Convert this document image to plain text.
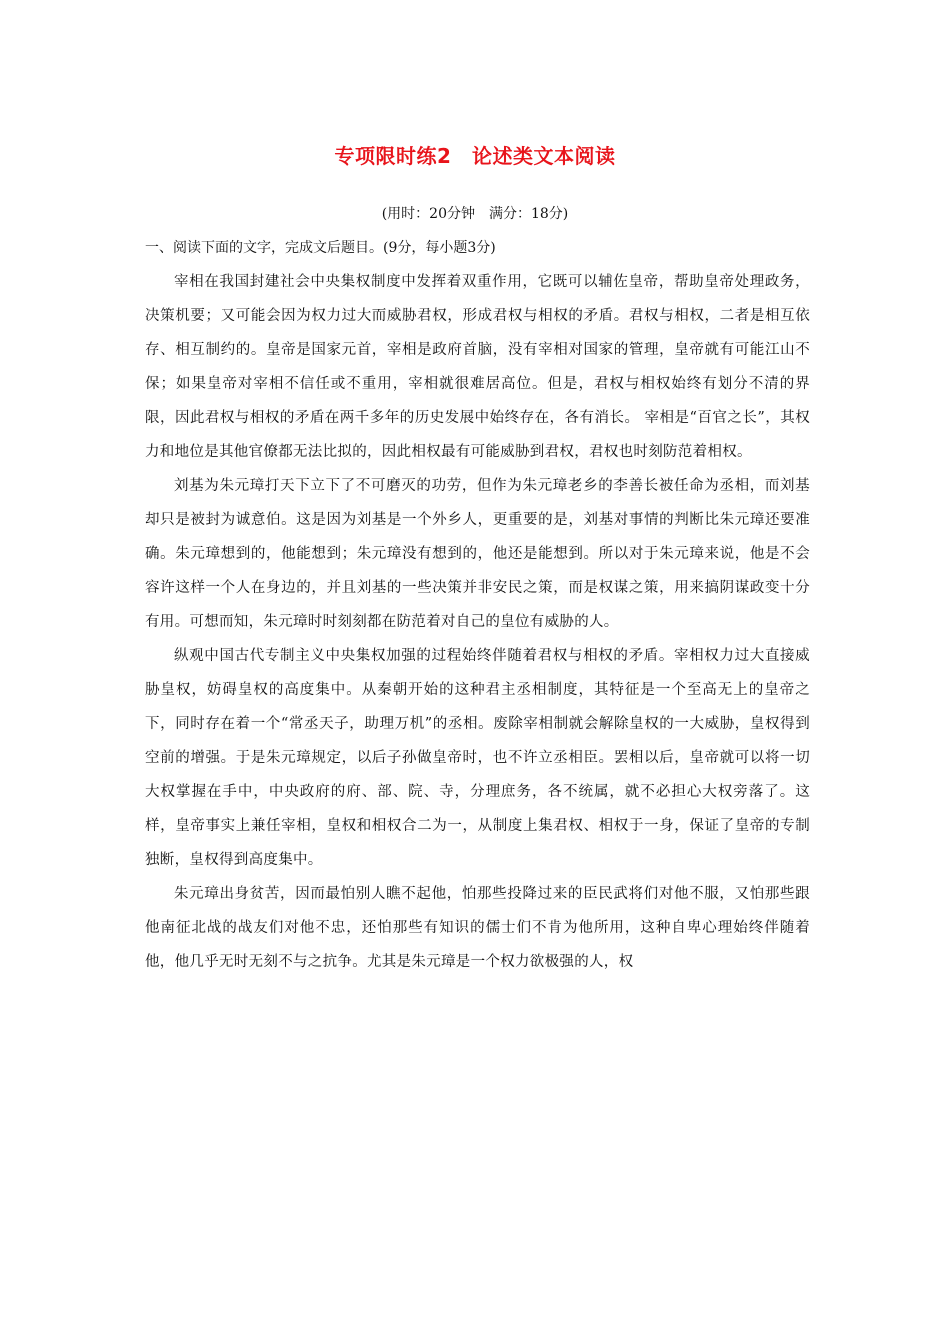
专项限时练2　论述类文本阅读
(用时：20分钟　满分：18分)
一、阅读下面的文字，完成文后题目。(9分，每小题3分)

宰相在我国封建社会中央集权制度中发挥着双重作用，它既可以辅佐皇帝，帮助皇帝处理政务，决策机要；又可能会因为权力过大而威胁君权，形成君权与相权的矛盾。君权与相权，二者是相互依存、相互制约的。皇帝是国家元首，宰相是政府首脑，没有宰相对国家的管理，皇帝就有可能江山不保；如果皇帝对宰相不信任或不重用，宰相就很难居高位。但是，君权与相权始终有划分不清的界限，因此君权与相权的矛盾在两千多年的历史发展中始终存在，各有消长。 宰相是“百官之长”，其权力和地位是其他官僚都无法比拟的，因此相权最有可能威胁到君权，君权也时刻防范着相权。

刘基为朱元璋打天下立下了不可磨灭的功劳，但作为朱元璋老乡的李善长被任命为丞相，而刘基却只是被封为诚意伯。这是因为刘基是一个外乡人，更重要的是，刘基对事情的判断比朱元璋还要准确。朱元璋想到的，他能想到；朱元璋没有想到的，他还是能想到。所以对于朱元璋来说，他是不会容许这样一个人在身边的，并且刘基的一些决策并非安民之策，而是权谋之策，用来搞阴谋政变十分有用。可想而知，朱元璋时时刻刻都在防范着对自己的皇位有威胁的人。

纵观中国古代专制主义中央集权加强的过程始终伴随着君权与相权的矛盾。宰相权力过大直接威胁皇权，妨碍皇权的高度集中。从秦朝开始的这种君主丞相制度，其特征是一个至高无上的皇帝之下，同时存在着一个“常丞天子，助理万机”的丞相。废除宰相制就会解除皇权的一大威胁，皇权得到空前的增强。于是朱元璋规定，以后子孙做皇帝时，也不许立丞相臣。罢相以后，皇帝就可以将一切大权掌握在手中，中央政府的府、部、院、寺，分理庶务，各不统属，就不必担心大权旁落了。这样，皇帝事实上兼任宰相，皇权和相权合二为一，从制度上集君权、相权于一身，保证了皇帝的专制独断，皇权得到高度集中。

朱元璋出身贫苦，因而最怕别人瞧不起他，怕那些投降过来的臣民武将们对他不服，又怕那些跟他南征北战的战友们对他不忠，还怕那些有知识的儒士们不肯为他所用，这种自卑心理始终伴随着他，他几乎无时无刻不与之抗争。尤其是朱元璋是一个权力欲极强的人，权
